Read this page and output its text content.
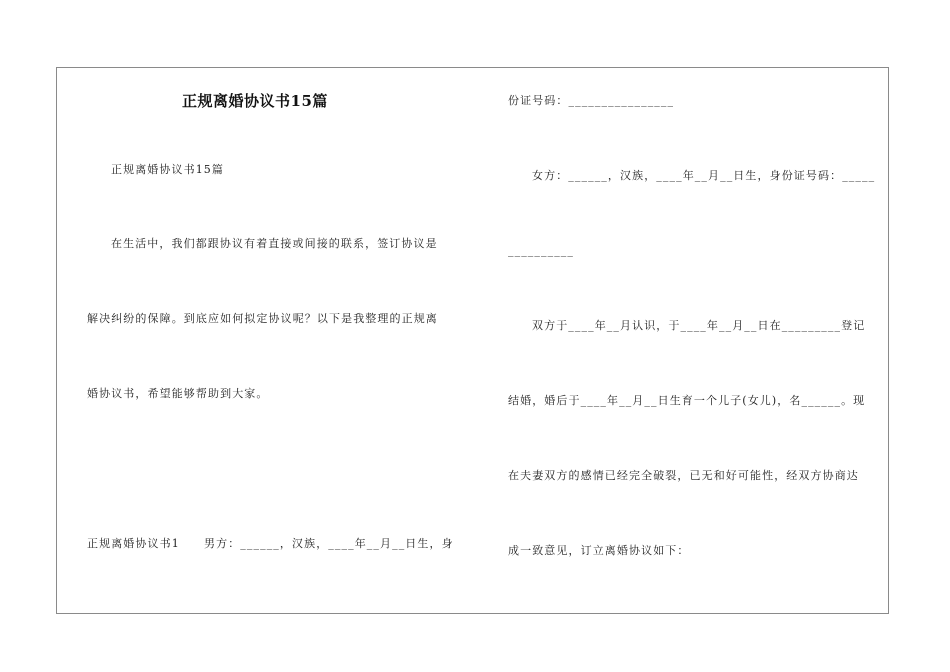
正规离婚协议书15篇
正规离婚协议书15篇
在生活中，我们都跟协议有着直接或间接的联系，签订协议是
解决纠纷的保障。到底应如何拟定协议呢？以下是我整理的正规离
婚协议书，希望能够帮助到大家。
正规离婚协议书1　　男方：______，汉族，____年__月__日生，身
份证号码：________________
女方：______，汉族，____年__月__日生，身份证号码：_____
__________
双方于____年__月认识，于____年__月__日在_________登记
结婚，婚后于____年__月__日生育一个儿子(女儿)，名______。现
在夫妻双方的感情已经完全破裂，已无和好可能性，经双方协商达
成一致意见，订立离婚协议如下：
